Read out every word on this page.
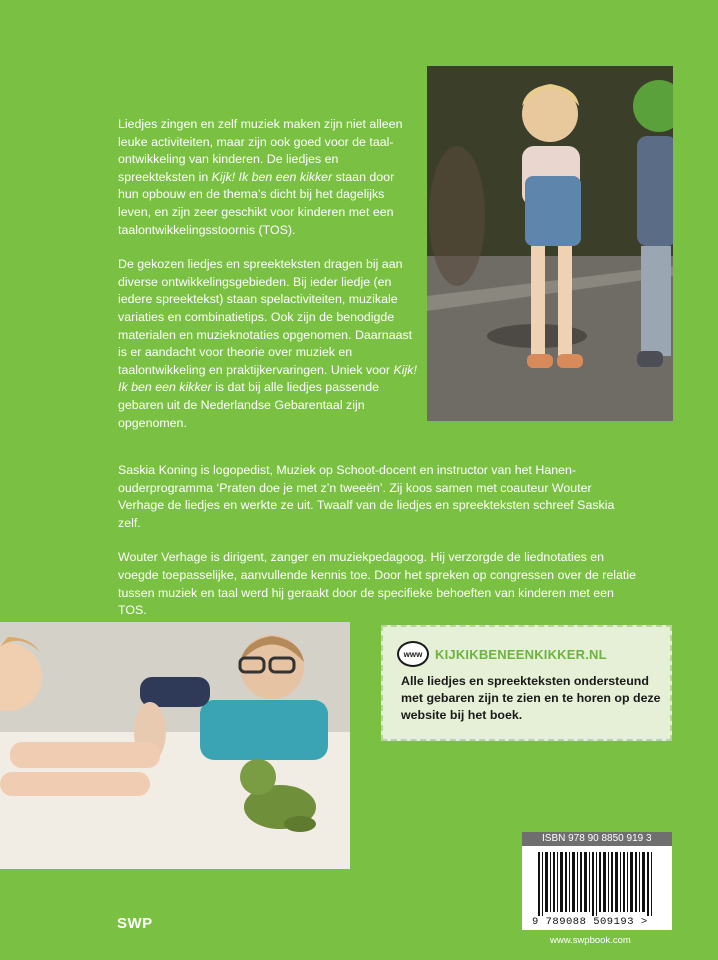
Liedjes zingen en zelf muziek maken zijn niet alleen leuke activiteiten, maar zijn ook goed voor de taalontwikkeling van kinderen. De liedjes en spreekteksten in Kijk! Ik ben een kikker staan door hun opbouw en de thema’s dicht bij het dagelijks leven, en zijn zeer geschikt voor kinderen met een taalontwikkelingsstoornis (TOS).

De gekozen liedjes en spreekteksten dragen bij aan diverse ontwikkelingsgebieden. Bij ieder liedje (en iedere spreektekst) staan spelactiviteiten, muzikale variaties en combinatietips. Ook zijn de benodigde materialen en muzieknotaties opgenomen. Daarnaast is er aandacht voor theorie over muziek en taalontwikkeling en praktijkervaringen. Uniek voor Kijk! Ik ben een kikker is dat bij alle liedjes passende gebaren uit de Nederlandse Gebarentaal zijn opgenomen.

Saskia Koning is logopedist, Muziek op Schoot-docent en instructor van het Hanen-ouderprogramma ‘Praten doe je met z’n tweeën’. Zij koos samen met coauteur Wouter Verhage de liedjes en werkte ze uit. Twaalf van de liedjes en spreekteksten schreef Saskia zelf.

Wouter Verhage is dirigent, zanger en muziekpedagoog. Hij verzorgde de liednotaties en voegde toepasselijke, aanvullende kennis toe. Door het spreken op congressen over de relatie tussen muziek en taal werd hij geraakt door de specifieke behoeften van kinderen met een TOS.

www KIJKIKBENEENKIKKER.NL
Alle liedjes en spreekteksten ondersteund met gebaren zijn te zien en te horen op deze website bij het boek.
ISBN 978 90 8850 919 3
9 789088 509193 >
SWP
www.swpbook.com
